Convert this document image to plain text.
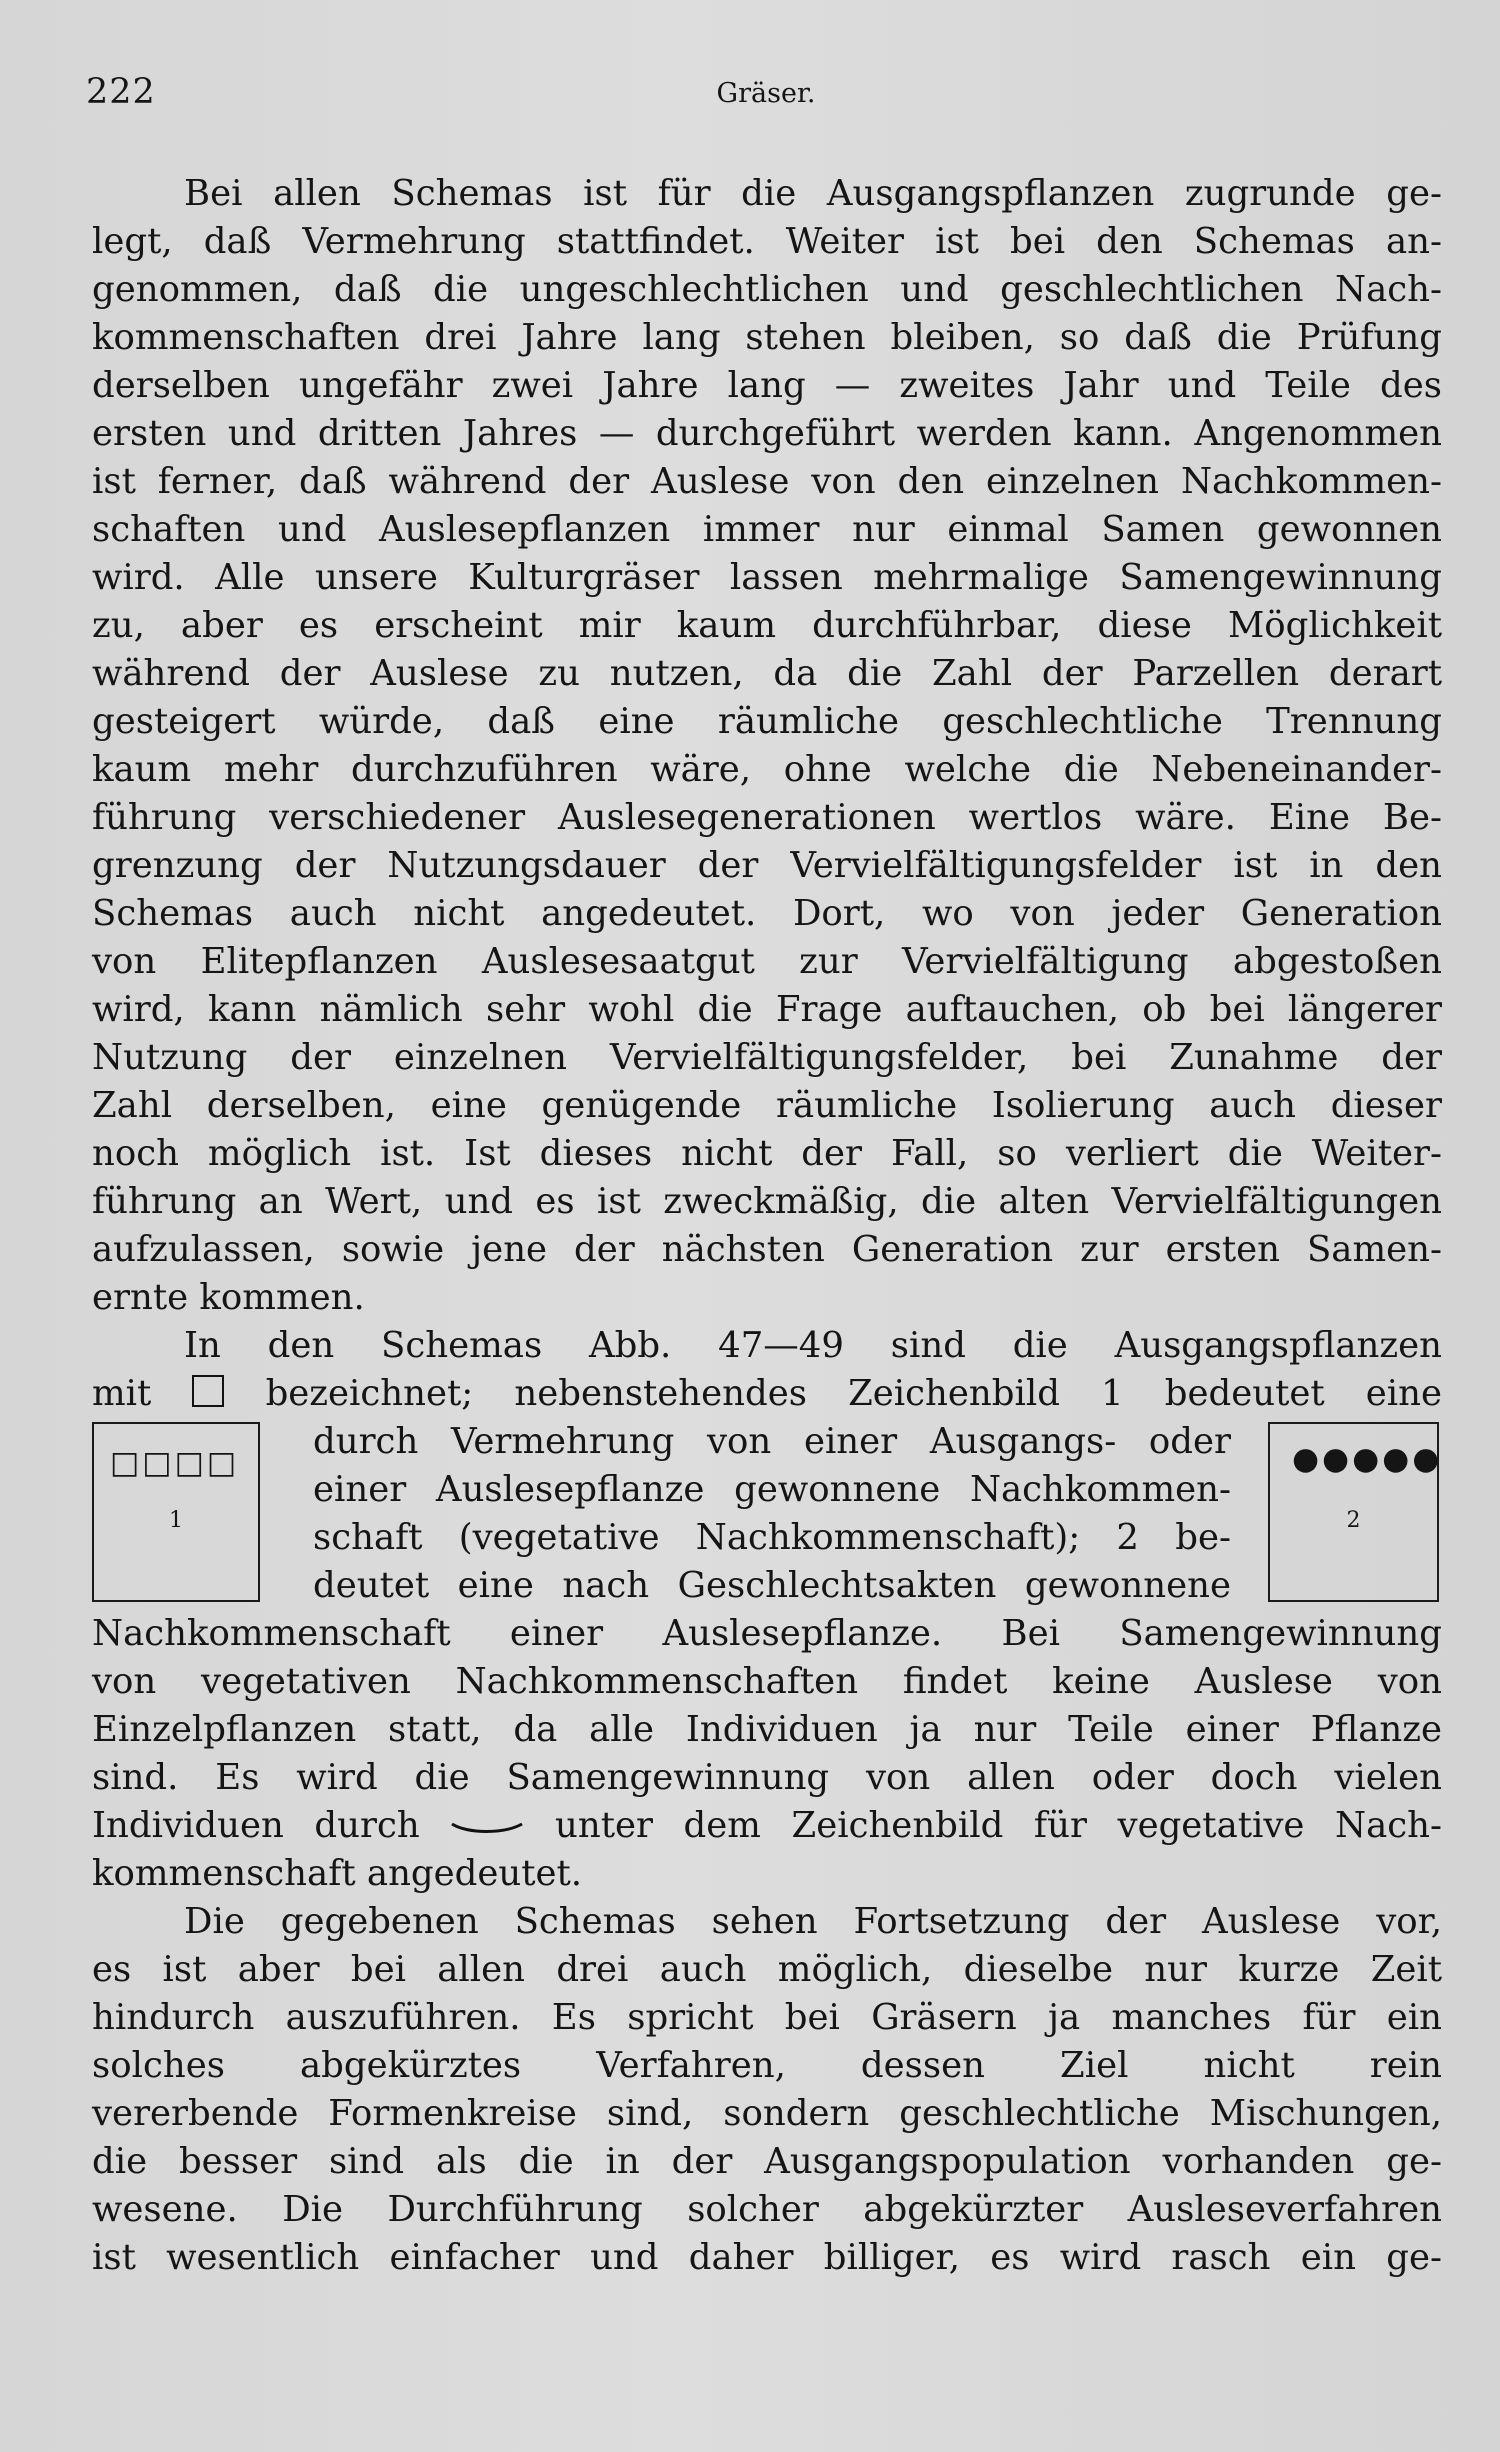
222	Gräser.
Bei allen Schemas ist für die Ausgangspflanzen zugrunde ge-
legt, daß Vermehrung stattfindet. Weiter ist bei den Schemas an-
genommen, daß die ungeschlechtlichen und geschlechtlichen Nach-
kommenschaften drei Jahre lang stehen bleiben, so daß die Prüfung
derselben ungefähr zwei Jahre lang — zweites Jahr und Teile des
ersten und dritten Jahres — durchgeführt werden kann. Angenommen
ist ferner, daß während der Auslese von den einzelnen Nachkommen-
schaften und Auslesepflanzen immer nur einmal Samen gewonnen
wird. Alle unsere Kulturgräser lassen mehrmalige Samengewinnung
zu, aber es erscheint mir kaum durchführbar, diese Möglichkeit
während der Auslese zu nutzen, da die Zahl der Parzellen derart
gesteigert würde, daß eine räumliche geschlechtliche Trennung
kaum mehr durchzuführen wäre, ohne welche die Nebeneinander-
führung verschiedener Auslesegenerationen wertlos wäre. Eine Be-
grenzung der Nutzungsdauer der Vervielfältigungsfelder ist in den
Schemas auch nicht angedeutet. Dort, wo von jeder Generation
von Elitepflanzen Auslesesaatgut zur Vervielfältigung abgestoßen
wird, kann nämlich sehr wohl die Frage auftauchen, ob bei längerer
Nutzung der einzelnen Vervielfältigungsfelder, bei Zunahme der
Zahl derselben, eine genügende räumliche Isolierung auch dieser
noch möglich ist. Ist dieses nicht der Fall, so verliert die Weiter-
führung an Wert, und es ist zweckmäßig, die alten Vervielfältigungen
aufzulassen, sowie jene der nächsten Generation zur ersten Samen-
ernte kommen.
In den Schemas Abb. 47—49 sind die Ausgangspflanzen
mit	bezeichnet; nebenstehendes Zeichenbild 1 bedeutet eine
durch Vermehrung von einer Ausgangs- oder
einer Auslesepflanze gewonnene Nachkommen-
schaft (vegetative Nachkommenschaft); 2 be-
deutet eine nach Geschlechtsakten gewonnene
□□□□
1
●●●●●
2
Nachkommenschaft einer Auslesepflanze. Bei Samengewinnung
von vegetativen Nachkommenschaften findet keine Auslese von
Einzelpflanzen statt, da alle Individuen ja nur Teile einer Pflanze
sind. Es wird die Samengewinnung von allen oder doch vielen
Individuen durch	unter dem Zeichenbild für vegetative Nach-
kommenschaft angedeutet.
Die gegebenen Schemas sehen Fortsetzung der Auslese vor,
es ist aber bei allen drei auch möglich, dieselbe nur kurze Zeit
hindurch auszuführen. Es spricht bei Gräsern ja manches für ein
solches abgekürztes Verfahren, dessen Ziel nicht rein
vererbende Formenkreise sind, sondern geschlechtliche Mischungen,
die besser sind als die in der Ausgangspopulation vorhanden ge-
wesene. Die Durchführung solcher abgekürzter Ausleseverfahren
ist wesentlich einfacher und daher billiger, es wird rasch ein ge-
